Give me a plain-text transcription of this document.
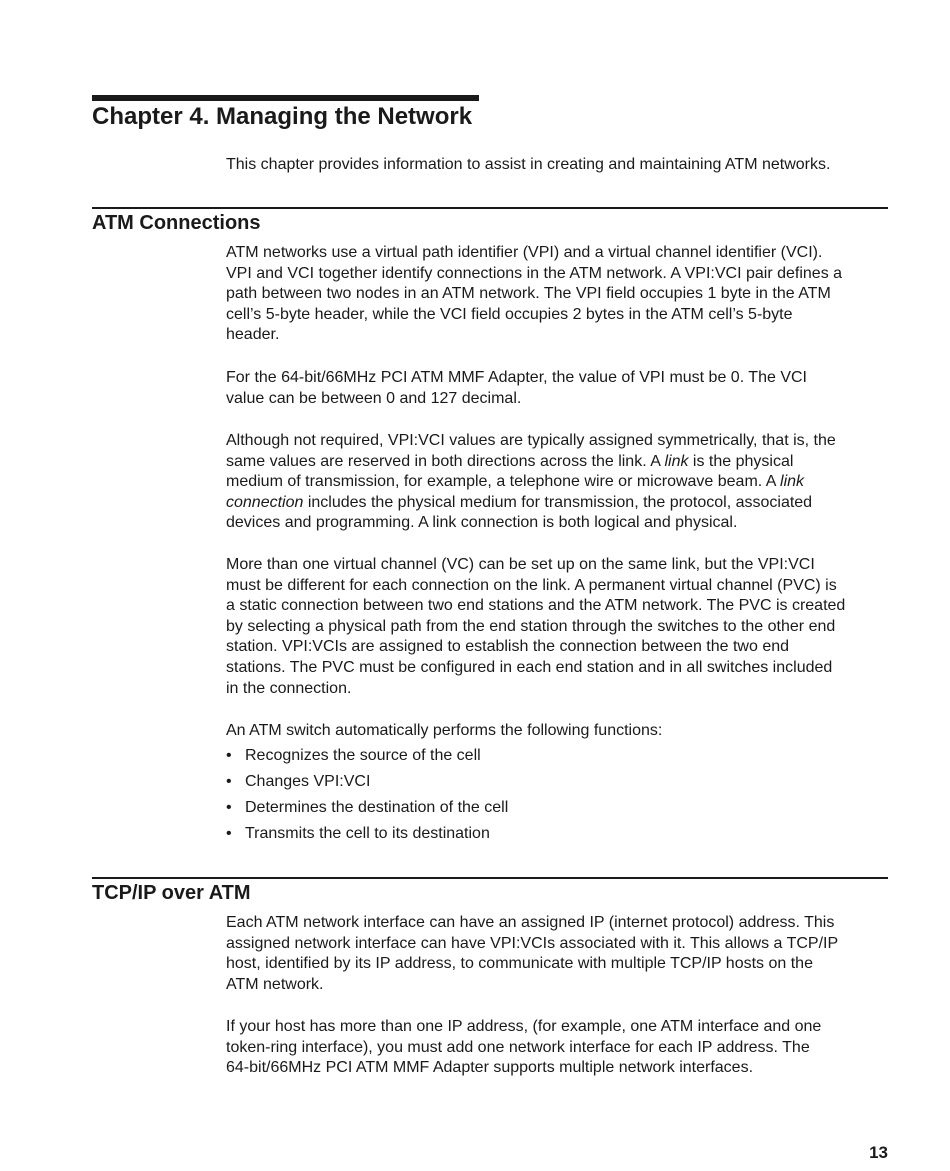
Chapter 4. Managing the Network

This chapter provides information to assist in creating and maintaining ATM networks.

ATM Connections

ATM networks use a virtual path identifier (VPI) and a virtual channel identifier (VCI).
VPI and VCI together identify connections in the ATM network. A VPI:VCI pair defines a
path between two nodes in an ATM network. The VPI field occupies 1 byte in the ATM
cell’s 5-byte header, while the VCI field occupies 2 bytes in the ATM cell’s 5-byte
header.

For the 64-bit/66MHz PCI ATM MMF Adapter, the value of VPI must be 0. The VCI
value can be between 0 and 127 decimal.

Although not required, VPI:VCI values are typically assigned symmetrically, that is, the
same values are reserved in both directions across the link. A link is the physical
medium of transmission, for example, a telephone wire or microwave beam. A link
connection includes the physical medium for transmission, the protocol, associated
devices and programming. A link connection is both logical and physical.

More than one virtual channel (VC) can be set up on the same link, but the VPI:VCI
must be different for each connection on the link. A permanent virtual channel (PVC) is
a static connection between two end stations and the ATM network. The PVC is created
by selecting a physical path from the end station through the switches to the other end
station. VPI:VCIs are assigned to establish the connection between the two end
stations. The PVC must be configured in each end station and in all switches included
in the connection.

An ATM switch automatically performs the following functions:

• Recognizes the source of the cell
• Changes VPI:VCI
• Determines the destination of the cell
• Transmits the cell to its destination
TCP/IP over ATM

Each ATM network interface can have an assigned IP (internet protocol) address. This
assigned network interface can have VPI:VCIs associated with it. This allows a TCP/IP
host, identified by its IP address, to communicate with multiple TCP/IP hosts on the
ATM network.

If your host has more than one IP address, (for example, one ATM interface and one
token-ring interface), you must add one network interface for each IP address. The
64-bit/66MHz PCI ATM MMF Adapter supports multiple network interfaces.

13
